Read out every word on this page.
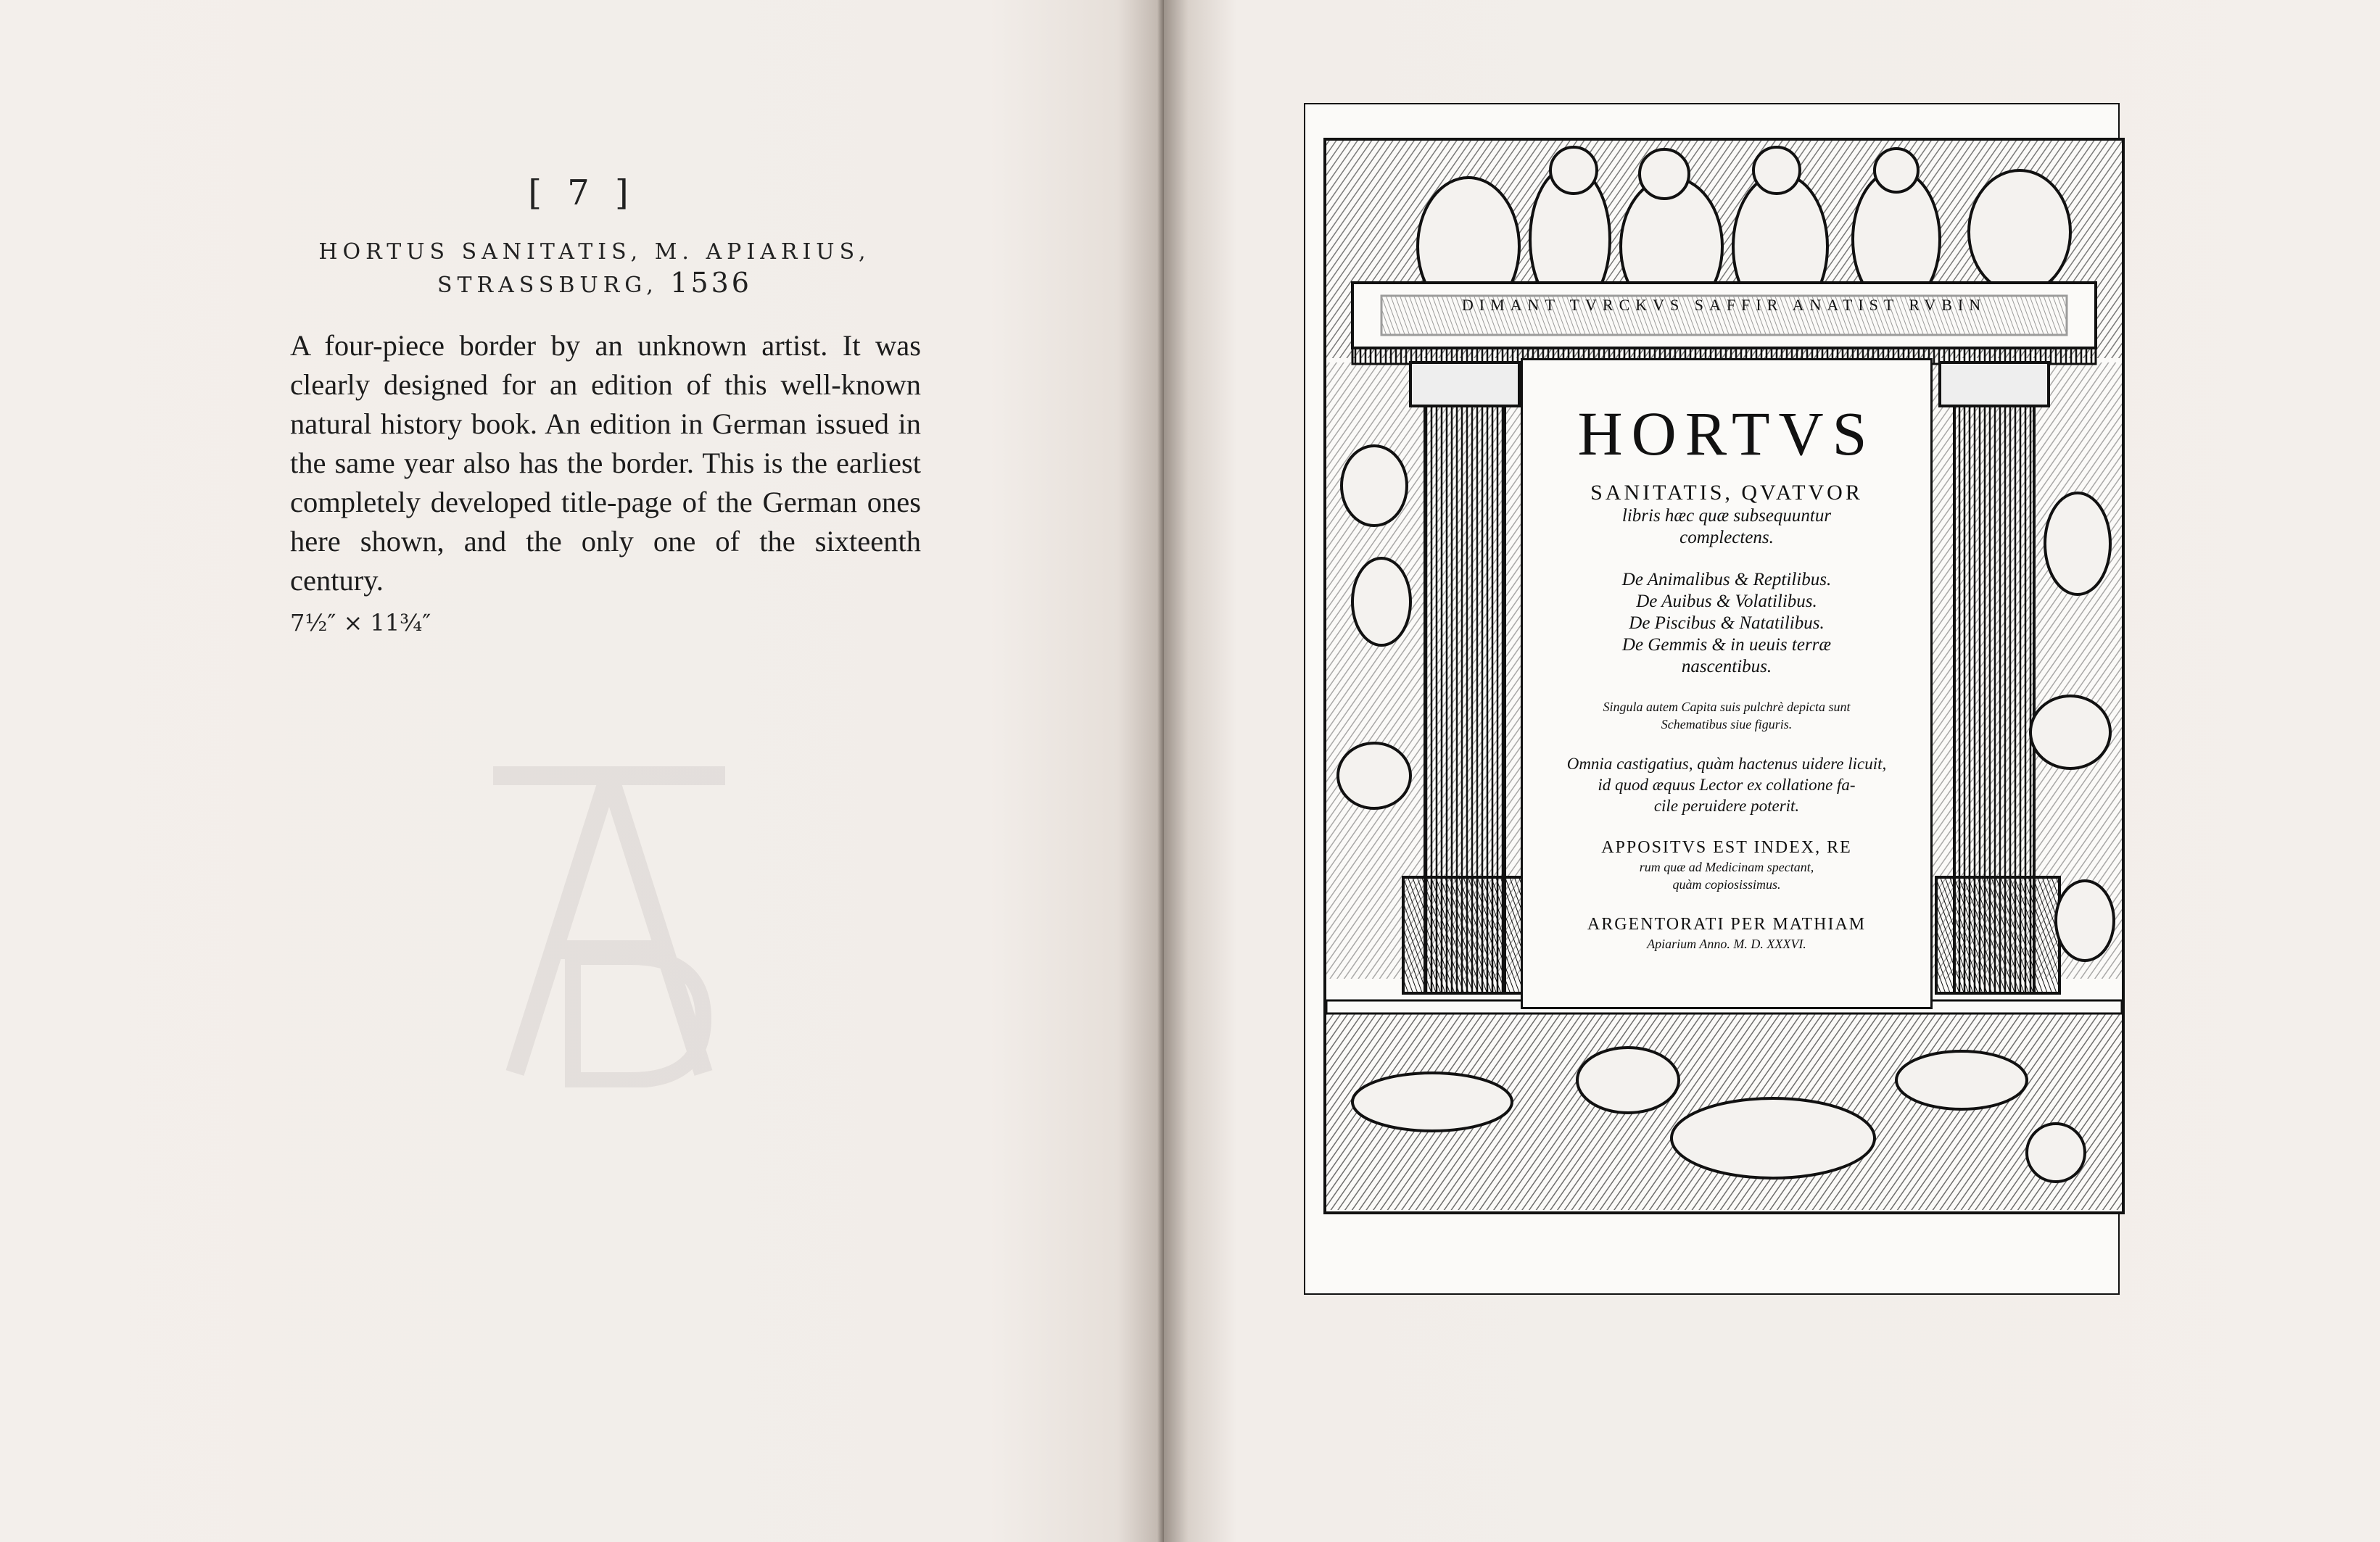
[ 7 ]
HORTUS SANITATIS, M. APIARIUS,
STRASSBURG, 1536
A four-piece border by an unknown artist. It was clearly designed for an edition of this well-known natural history book. An edition in German issued in the same year also has the border. This is the earliest completely developed title-page of the German ones here shown, and the only one of the sixteenth century.
7½″ × 11¾″
HORTVS
SANITATIS, QVATVOR
libris hæc quæ subsequuntur
complectens.
De Animalibus & Reptilibus.
De Auibus & Volatilibus.
De Piscibus & Natatilibus.
De Gemmis & in ueuis terræ
nascentibus.
Singula autem Capita suis pulchrè depicta sunt
Schematibus siue figuris.
Omnia castigatius, quàm hactenus uidere licuit,
id quod æquus Lector ex collatione fa-
cile peruidere poterit.
APPOSITVS EST INDEX, RE
rum quæ ad Medicinam spectant,
quàm copiosissimus.
ARGENTORATI PER MATHIAM
Apiarium Anno. M. D. XXXVI.
DIMANT TVRCKVS SAFFIR ANATIST RVBIN
